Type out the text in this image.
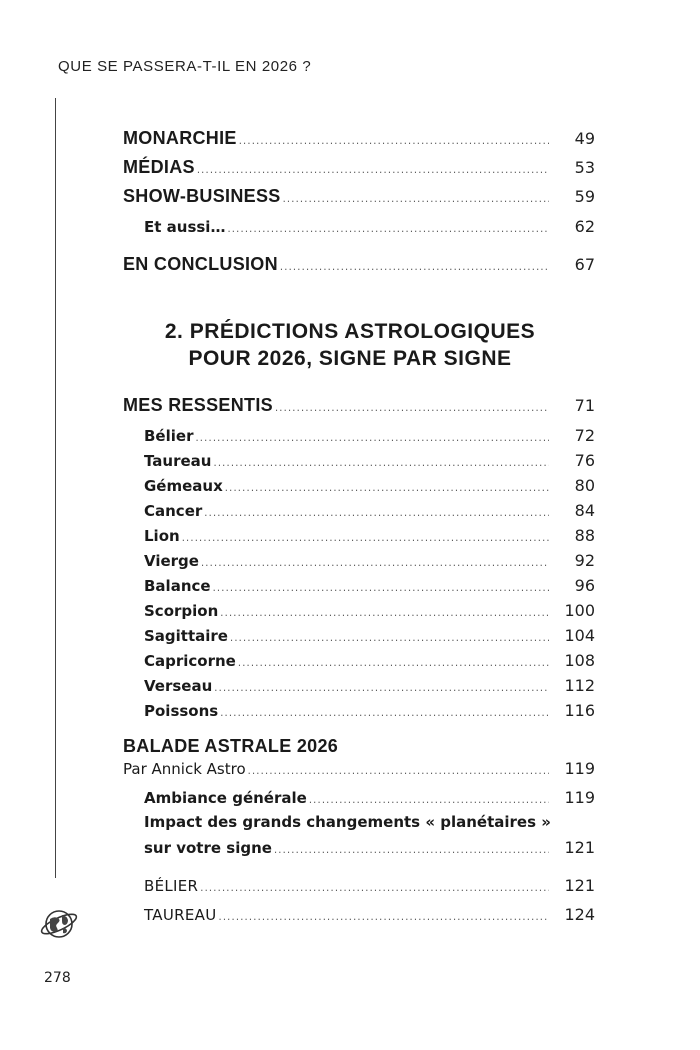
QUE SE PASSERA-T-IL EN 2026 ?
MONARCHIE .....	49
MÉDIAS .....	53
SHOW-BUSINESS .....	59
Et aussi… .....	62
EN CONCLUSION .....	67
2. PRÉDICTIONS ASTROLOGIQUES
POUR 2026, SIGNE PAR SIGNE
MES RESSENTIS .....	71
Bélier .....	72
Taureau .....	76
Gémeaux .....	80
Cancer .....	84
Lion .....	88
Vierge .....	92
Balance .....	96
Scorpion .....	100
Sagittaire .....	104
Capricorne .....	108
Verseau .....	112
Poissons .....	116
BALADE ASTRALE 2026
Par Annick Astro .....	119
Ambiance générale .....	119
Impact des grands changements « planétaires »
sur votre signe .....	121
BÉLIER .....	121
TAUREAU .....	124
278
